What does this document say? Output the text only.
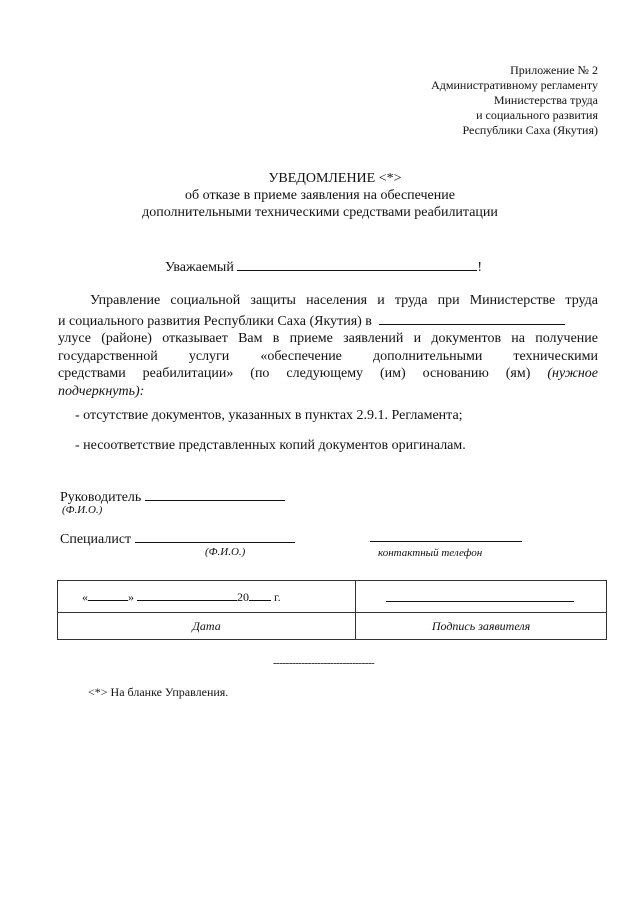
Приложение № 2
Административному регламенту
Министерства труда
и социального развития
Республики Саха (Якутия)
УВЕДОМЛЕНИЕ <*>
об отказе в приеме заявления на обеспечение
дополнительными техническими средствами реабилитации
Уважаемый	!
Управление социальной защиты населения и труда при Министерстве труда
и социального развития Республики Саха (Якутия) в
улусе (районе) отказывает Вам в приеме заявлений и документов на получение
государственной услуги «обеспечение дополнительными техническими
средствами реабилитации» (по следующему (им) основанию (ям) (нужное
подчеркнуть):
- отсутствие документов, указанных в пунктах 2.9.1. Регламента;
- несоответствие представленных копий документов оригиналам.
Руководитель
(Ф.И.О.)
Специалист
(Ф.И.О.)	контактный телефон
« » 20 г.	

Дата	Подпись заявителя
--------------------------------
<*> На бланке Управления.
